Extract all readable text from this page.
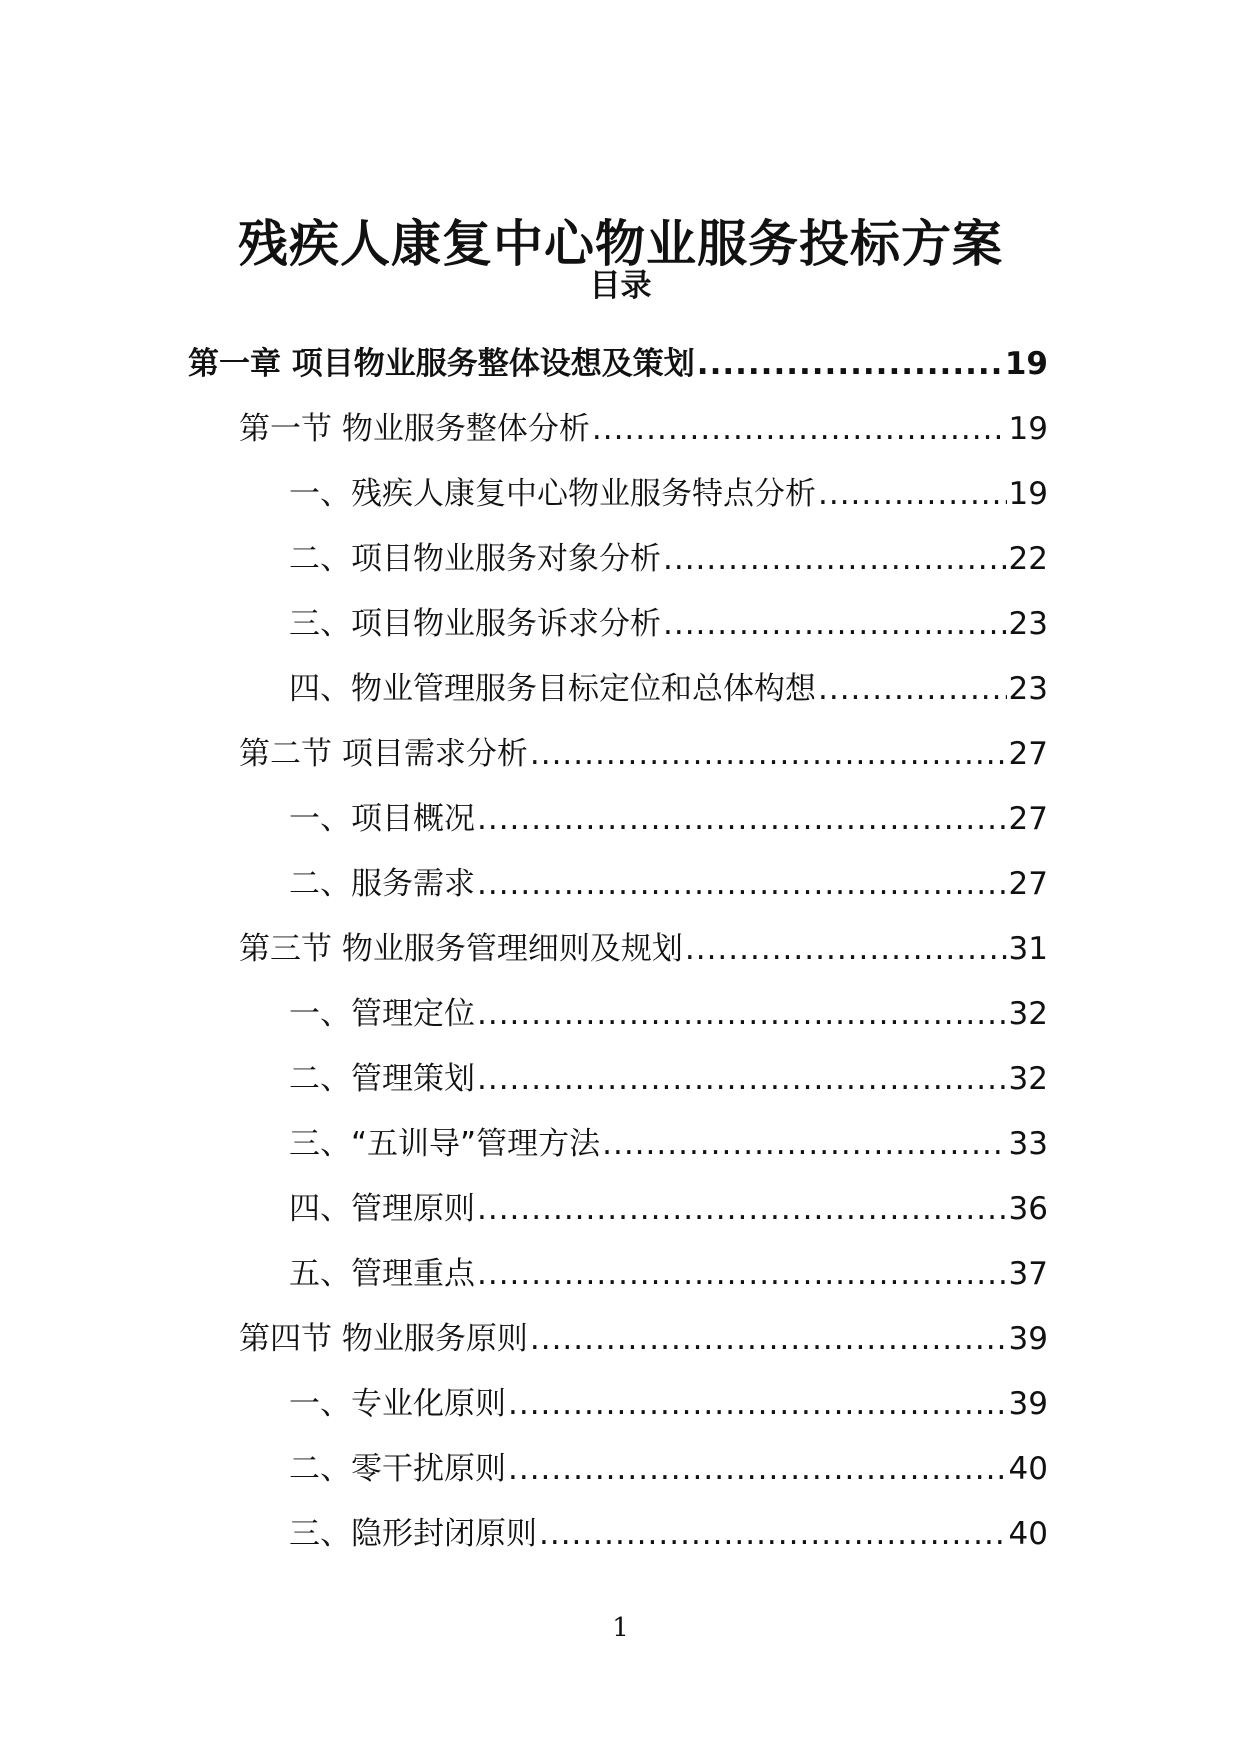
残疾人康复中心物业服务投标方案
目录
第一章 项目物业服务整体设想及策划 .....	19
第一节 物业服务整体分析 .....	19
一、残疾人康复中心物业服务特点分析 .....	19
二、项目物业服务对象分析 .....	22
三、项目物业服务诉求分析 .....	23
四、物业管理服务目标定位和总体构想 .....	23
第二节 项目需求分析 .....	27
一、项目概况 .....	27
二、服务需求 .....	27
第三节 物业服务管理细则及规划 .....	31
一、管理定位 .....	32
二、管理策划 .....	32
三、“五训导”管理方法 .....	33
四、管理原则 .....	36
五、管理重点 .....	37
第四节 物业服务原则 .....	39
一、专业化原则 .....	39
二、零干扰原则 .....	40
三、隐形封闭原则 .....	40
1
